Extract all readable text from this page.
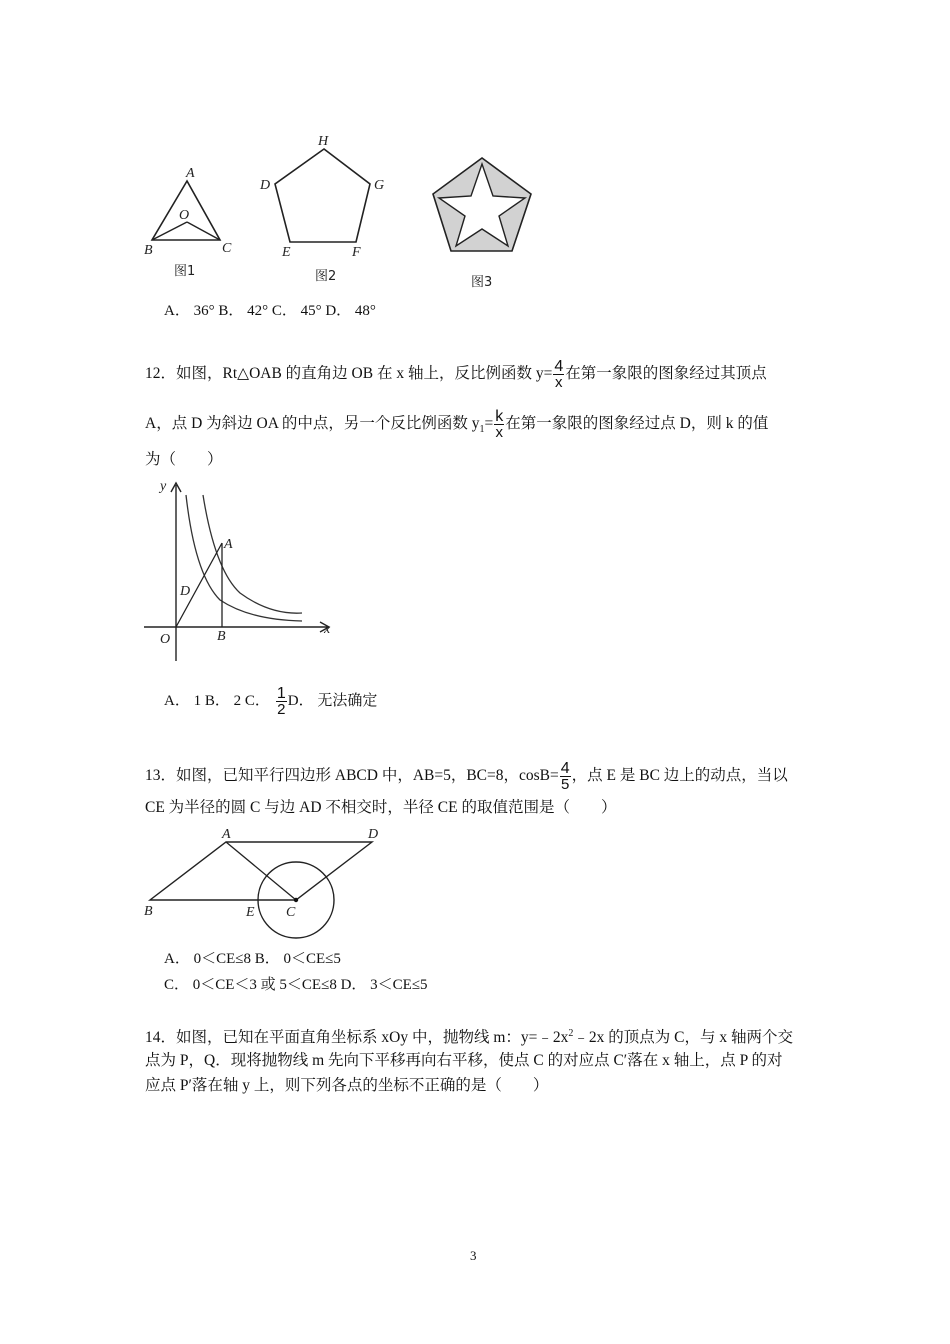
A
O
B	C
图1
H
D	G
E	F
图2	图3
A． 36° B． 42° C． 45° D． 48°
12．如图，Rt△OAB 的直角边 OB 在 x 轴上，反比例函数 $y= \frac{4}{x}$ 在第一象限的图象经过其顶点
A，点 D 为斜边 OA 的中点，另一个反比例函数 $y_1= \frac{k}{x}$ 在第一象限的图象经过点 D，则 k 的值
为（　　）
y
x
A
D
O	B
A． 1 B． 2 C． $\frac{1}{2}$ D． 无法确定
13．如图，已知平行四边形 ABCD 中，AB=5，BC=8，$\cos B= \frac{4}{5}$ ，点 E 是 BC 边上的动点，当以
CE 为半径的圆 C 与边 AD 不相交时，半径 CE 的取值范围是（　　）
A	D
B	E C
A． 0＜CE≤8 B． 0＜CE≤5
C． 0＜CE＜3 或 5＜CE≤8 D． 3＜CE≤5
14．如图，已知在平面直角坐标系 xOy 中，抛物线 m：$y=﹣2x^2﹣2x$ 的顶点为 C，与 x 轴两个交
点为 P，Q．现将抛物线 m 先向下平移再向右平移，使点 C 的对应点 C′落在 x 轴上，点 P 的对
应点 P′落在轴 y 上，则下列各点的坐标不正确的是（　　）
3
